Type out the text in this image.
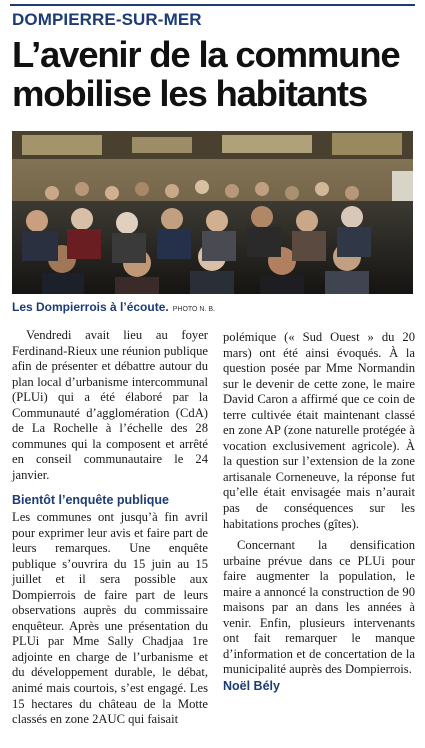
DOMPIERRE-SUR-MER
L’avenir de la commune
mobilise les habitants
Les Dompierrois à l’écoute. PHOTO N. B.

Vendredi avait lieu au foyer Ferdinand-Rieux une réunion publique afin de présenter et débattre autour du plan local d’urbanisme intercommunal (PLUi) qui a été élaboré par la Communauté d’agglomération (CdA) de La Rochelle à l’échelle des 28 communes qui la composent et arrêté en conseil communautaire le 24 janvier.

Bientôt l’enquête publique

Les communes ont jusqu’à fin avril pour exprimer leur avis et faire part de leurs remarques. Une enquête publique s’ouvrira du 15 juin au 15 juillet et il sera possible aux Dompierrois de faire part de leurs observations auprès du commissaire enquêteur. Après une présentation du PLUi par Mme Sally Chadjaa 1re adjointe en charge de l’urbanisme et du développement durable, le débat, animé mais courtois, s’est engagé. Les 15 hectares du château de la Motte classés en zone 2AUC qui faisait

polémique (« Sud Ouest » du 20 mars) ont été ainsi évoqués. À la question posée par Mme Normandin sur le devenir de cette zone, le maire David Caron a affirmé que ce coin de terre cultivée était maintenant classé en zone AP (zone naturelle protégée à vocation exclusivement agricole). À la question sur l’extension de la zone artisanale Corneneuve, la réponse fut qu’elle était envisagée mais n’aurait pas de conséquences sur les habitations proches (gîtes).

Concernant la densification urbaine prévue dans ce PLUi pour faire augmenter la population, le maire a annoncé la construction de 90 maisons par an dans les années à venir. Enfin, plusieurs intervenants ont fait remarquer le manque d’information et de concertation de la municipalité auprès des Dompierrois.

Noël Bély
